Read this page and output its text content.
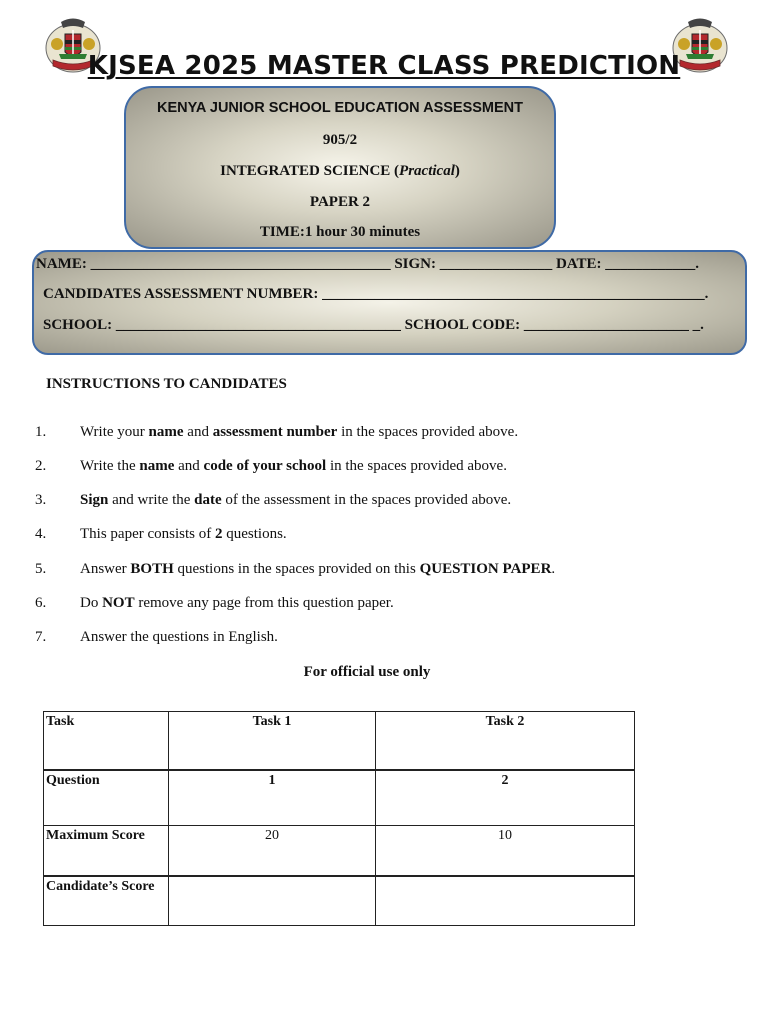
KJSEA 2025 MASTER CLASS PREDICTION
KENYA JUNIOR SCHOOL EDUCATION ASSESSMENT
905/2
INTEGRATED SCIENCE (Practical)
PAPER 2
TIME:1 hour 30 minutes
NAME: ________________________________________ SIGN: _______________ DATE: ____________.
CANDIDATES ASSESSMENT NUMBER: ___________________________________________________.
SCHOOL: ______________________________________ SCHOOL CODE: ______________________ _.
INSTRUCTIONS TO CANDIDATES
1. Write your name and assessment number in the spaces provided above.
2. Write the name and code of your school in the spaces provided above.
3. Sign and write the date of the assessment in the spaces provided above.
4. This paper consists of 2 questions.
5. Answer BOTH questions in the spaces provided on this QUESTION PAPER.
6. Do NOT remove any page from this question paper.
7. Answer the questions in English.
For official use only
Task	Task 1	Task 2
Question	1	2
Maximum Score	20	10
Candidate’s Score		
